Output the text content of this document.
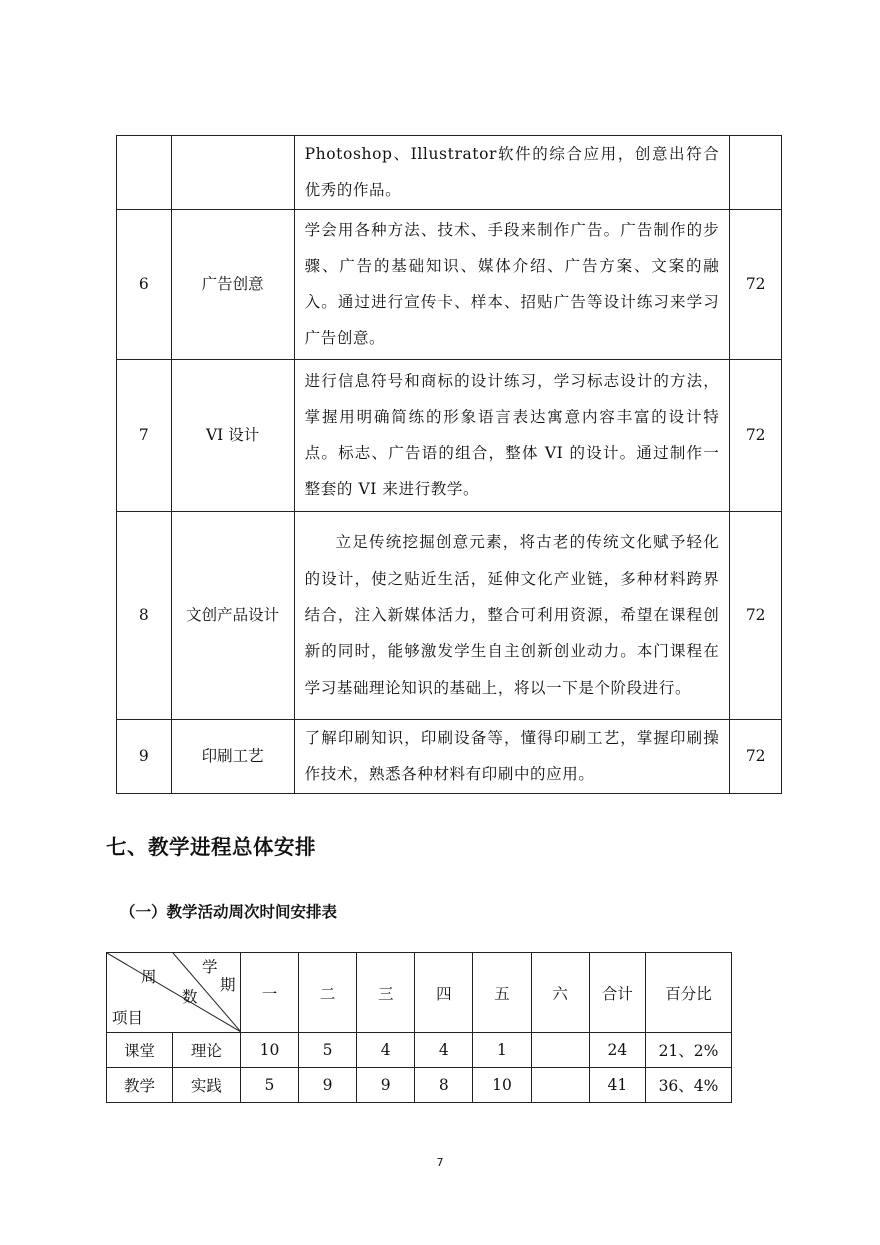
		Photoshop、Illustrator软件的综合应用，创意出符合优秀的作品。	
6	广告创意	学会用各种方法、技术、手段来制作广告。广告制作的步骤、广告的基础知识、媒体介绍、广告方案、文案的融入。通过进行宣传卡、样本、招贴广告等设计练习来学习广告创意。	72
7	VI 设计	进行信息符号和商标的设计练习，学习标志设计的方法，掌握用明确简练的形象语言表达寓意内容丰富的设计特点。标志、广告语的组合，整体 VI 的设计。通过制作一整套的 VI 来进行教学。	72
8	文创产品设计	立足传统挖掘创意元素，将古老的传统文化赋予轻化的设计，使之贴近生活，延伸文化产业链，多种材料跨界结合，注入新媒体活力，整合可利用资源，希望在课程创新的同时，能够激发学生自主创新创业动力。本门课程在学习基础理论知识的基础上，将以一下是个阶段进行。	72
9	印刷工艺	了解印刷知识，印刷设备等，懂得印刷工艺，掌握印刷操作技术，熟悉各种材料有印刷中的应用。	72
七、教学进程总体安排
（一）教学活动周次时间安排表
周
学
期
数
项目		一	二	三	四	五	六	合计	百分比
课堂	理论	10	5	4	4	1		24	21、2%
教学	实践	5	9	9	8	10		41	36、4%
7
